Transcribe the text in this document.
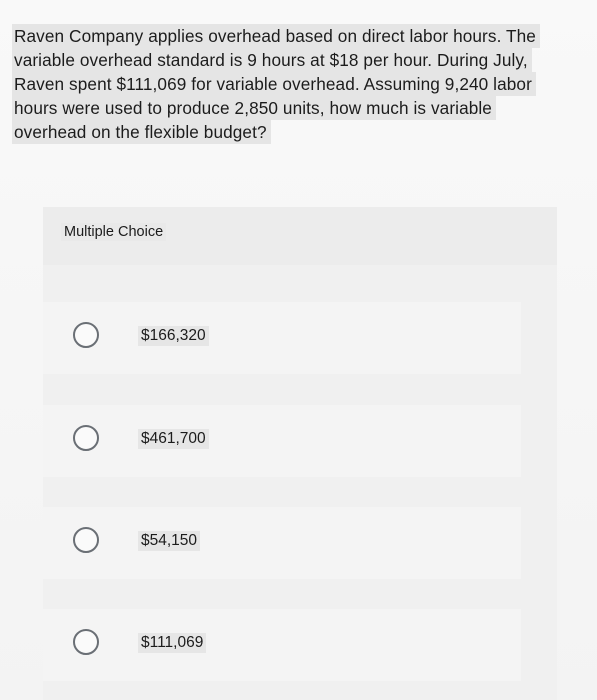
Raven Company applies overhead based on direct labor hours. The
variable overhead standard is 9 hours at $18 per hour. During July,
Raven spent $111,069 for variable overhead. Assuming 9,240 labor
hours were used to produce 2,850 units, how much is variable
overhead on the flexible budget?
Multiple Choice
$166,320
$461,700
$54,150
$111,069
